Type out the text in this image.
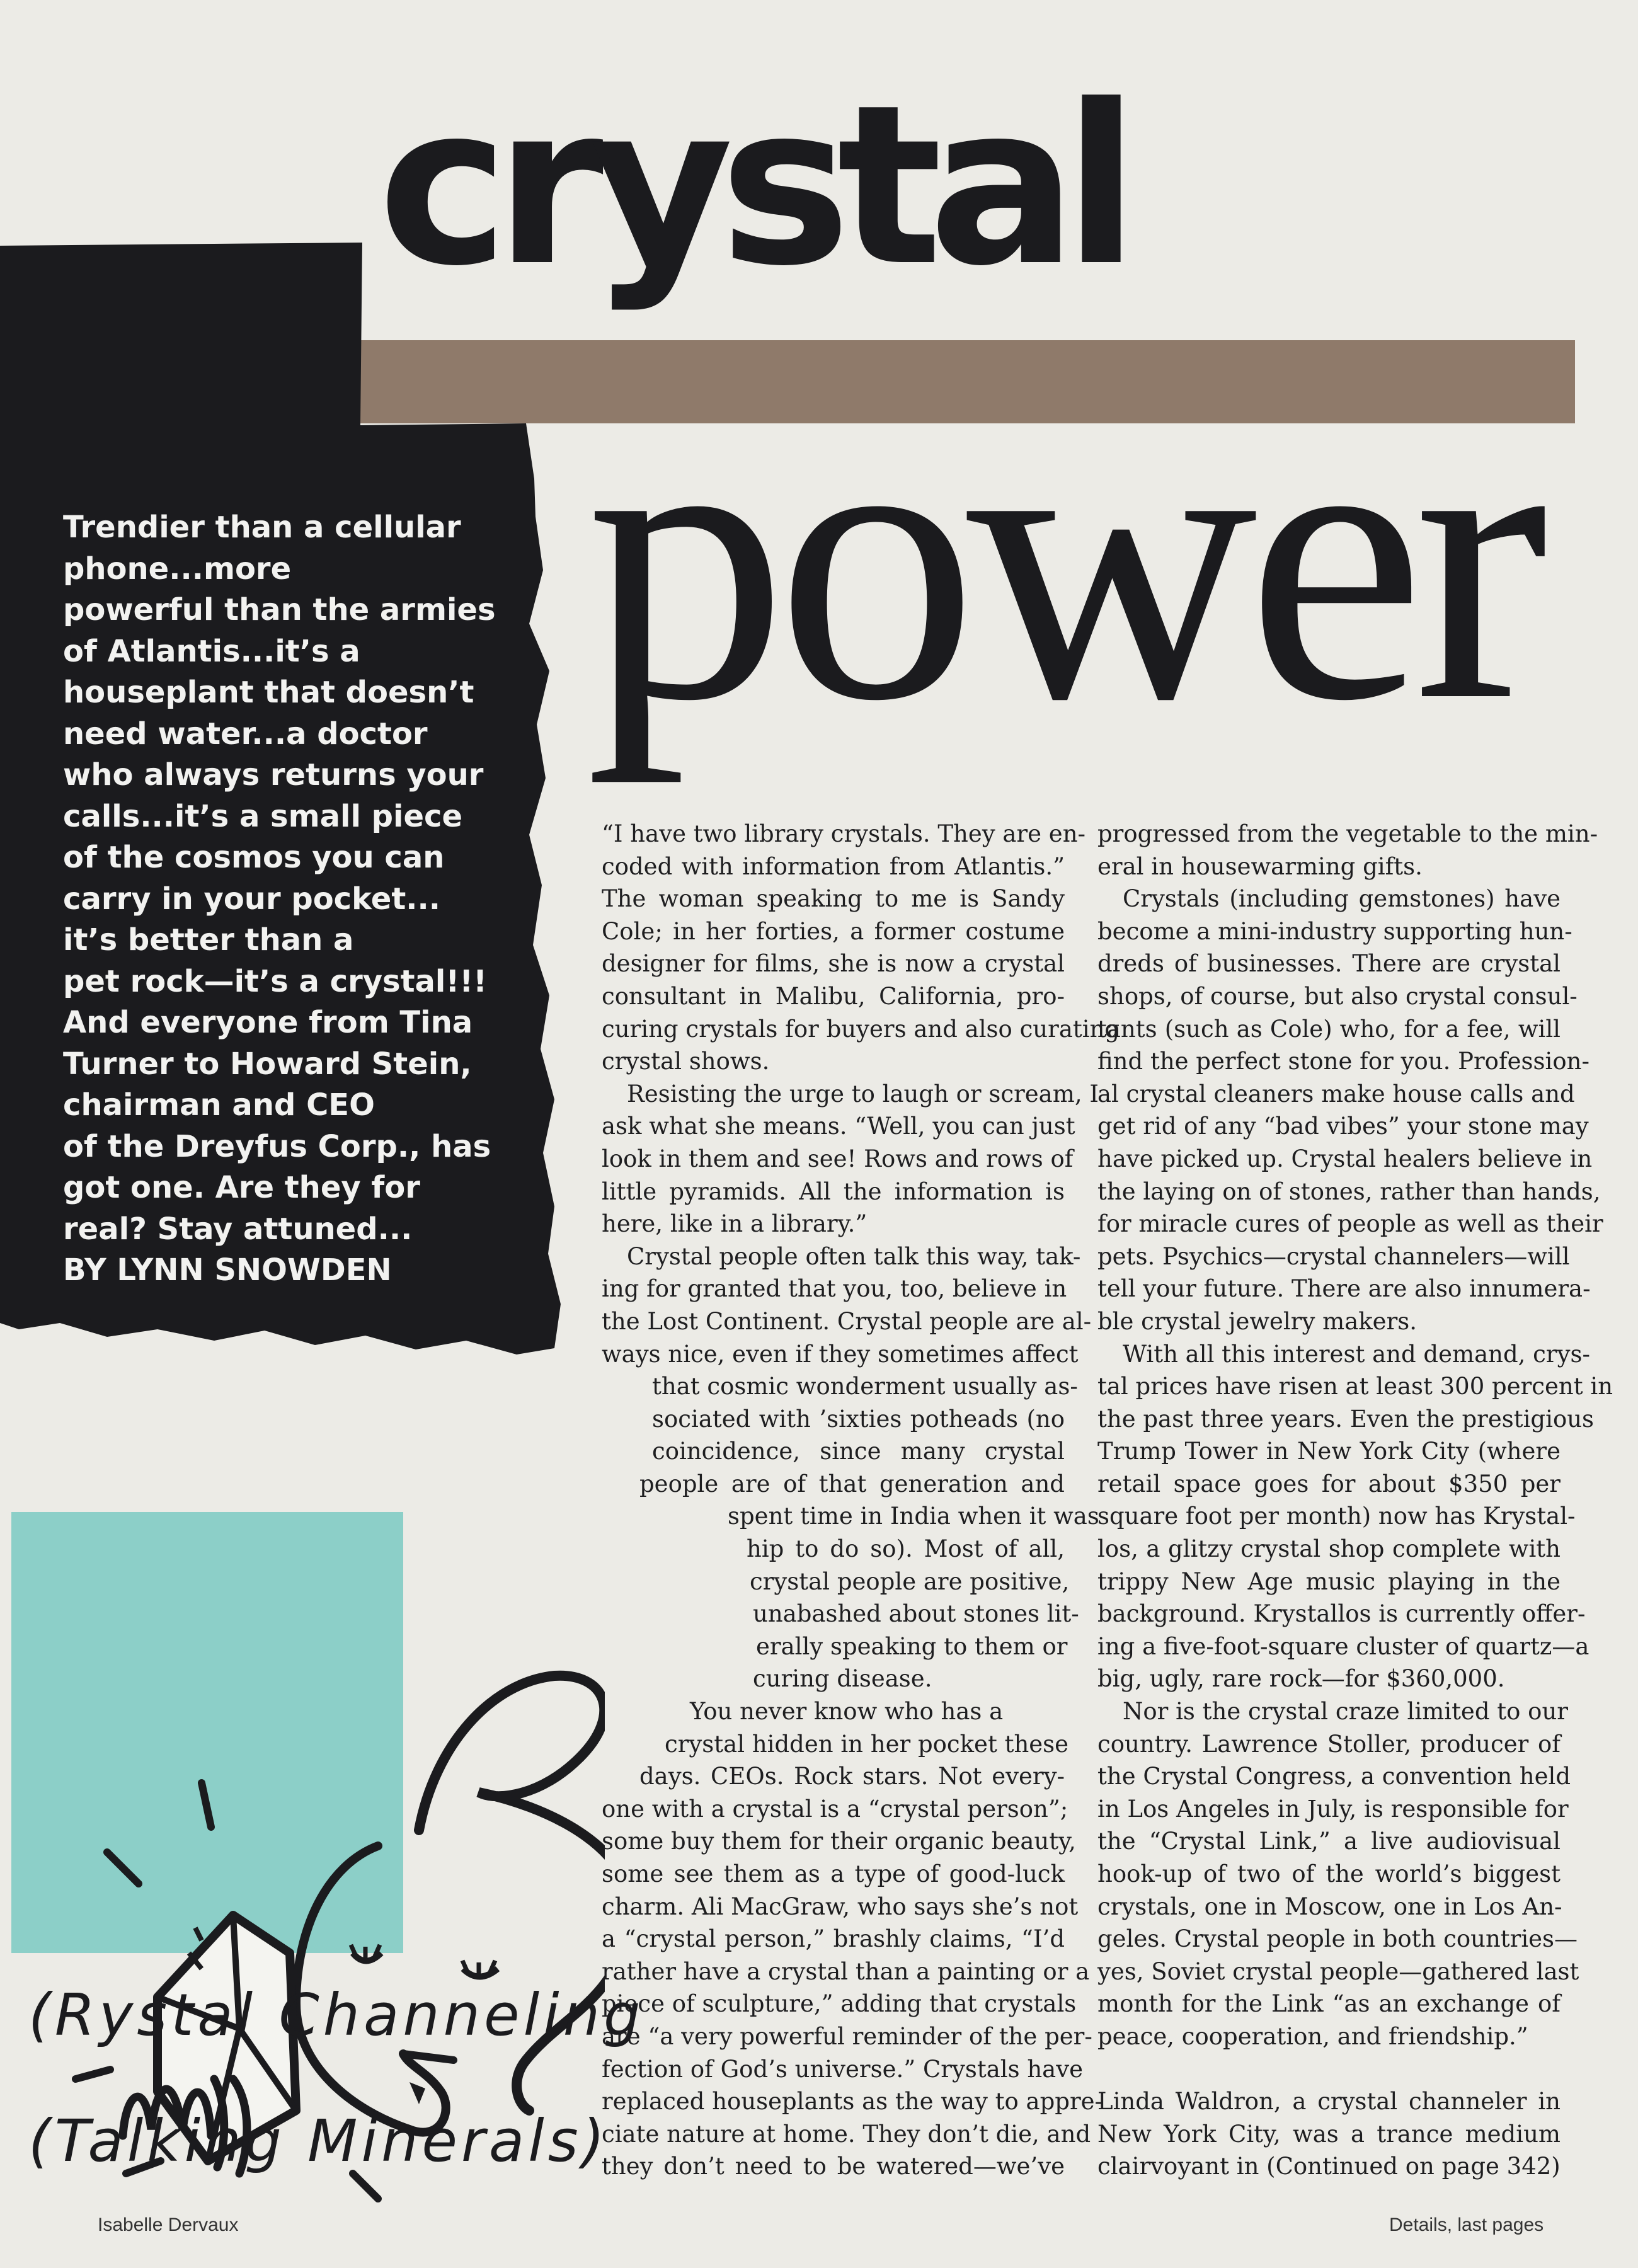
crystal
power
Trendier than a cellular
phone...more
powerful than the armies
of Atlantis...it’s a
houseplant that doesn’t
need water...a doctor
who always returns your
calls...it’s a small piece
of the cosmos you can
carry in your pocket...
it’s better than a
pet rock—it’s a crystal!!!
And everyone from Tina
Turner to Howard Stein,
chairman and CEO
of the Dreyfus Corp., has
got one. Are they for
real? Stay attuned...
BY LYNN SNOWDEN
“I have two library crystals. They are en-
coded with information from Atlantis.”
The woman speaking to me is Sandy
Cole; in her forties, a former costume
designer for films, she is now a crystal
consultant in Malibu, California, pro-
curing crystals for buyers and also curating
crystal shows.
Resisting the urge to laugh or scream, I
ask what she means. “Well, you can just
look in them and see! Rows and rows of
little pyramids. All the information is
here, like in a library.”
Crystal people often talk this way, tak-
ing for granted that you, too, believe in
the Lost Continent. Crystal people are al-
ways nice, even if they sometimes affect
that cosmic wonderment usually as-
sociated with ’sixties potheads (no
coincidence, since many crystal
people are of that generation and
spent time in India when it was
hip to do so). Most of all,
crystal people are positive,
unabashed about stones lit-
erally speaking to them or
curing disease.
You never know who has a
crystal hidden in her pocket these
days. CEOs. Rock stars. Not every-
one with a crystal is a “crystal person”;
some buy them for their organic beauty,
some see them as a type of good-luck
charm. Ali MacGraw, who says she’s not
a “crystal person,” brashly claims, “I’d
rather have a crystal than a painting or a
piece of sculpture,” adding that crystals
are “a very powerful reminder of the per-
fection of God’s universe.” Crystals have
replaced houseplants as the way to appre-
ciate nature at home. They don’t die, and
they don’t need to be watered—we’ve
progressed from the vegetable to the min-
eral in housewarming gifts.
Crystals (including gemstones) have
become a mini-industry supporting hun-
dreds of businesses. There are crystal
shops, of course, but also crystal consul-
tants (such as Cole) who, for a fee, will
find the perfect stone for you. Profession-
al crystal cleaners make house calls and
get rid of any “bad vibes” your stone may
have picked up. Crystal healers believe in
the laying on of stones, rather than hands,
for miracle cures of people as well as their
pets. Psychics—crystal channelers—will
tell your future. There are also innumera-
ble crystal jewelry makers.
With all this interest and demand, crys-
tal prices have risen at least 300 percent in
the past three years. Even the prestigious
Trump Tower in New York City (where
retail space goes for about $350 per
square foot per month) now has Krystal-
los, a glitzy crystal shop complete with
trippy New Age music playing in the
background. Krystallos is currently offer-
ing a five-foot-square cluster of quartz—a
big, ugly, rare rock—for $360,000.
Nor is the crystal craze limited to our
country. Lawrence Stoller, producer of
the Crystal Congress, a convention held
in Los Angeles in July, is responsible for
the “Crystal Link,” a live audiovisual
hook-up of two of the world’s biggest
crystals, one in Moscow, one in Los An-
geles. Crystal people in both countries—
yes, Soviet crystal people—gathered last
month for the Link “as an exchange of
peace, cooperation, and friendship.”

Linda Waldron, a crystal channeler in
New York City, was a trance medium
clairvoyant in (Continued on page 342)
(Rystal Channeling
(Talking Minerals)
Isabelle Dervaux	Details, last pages
